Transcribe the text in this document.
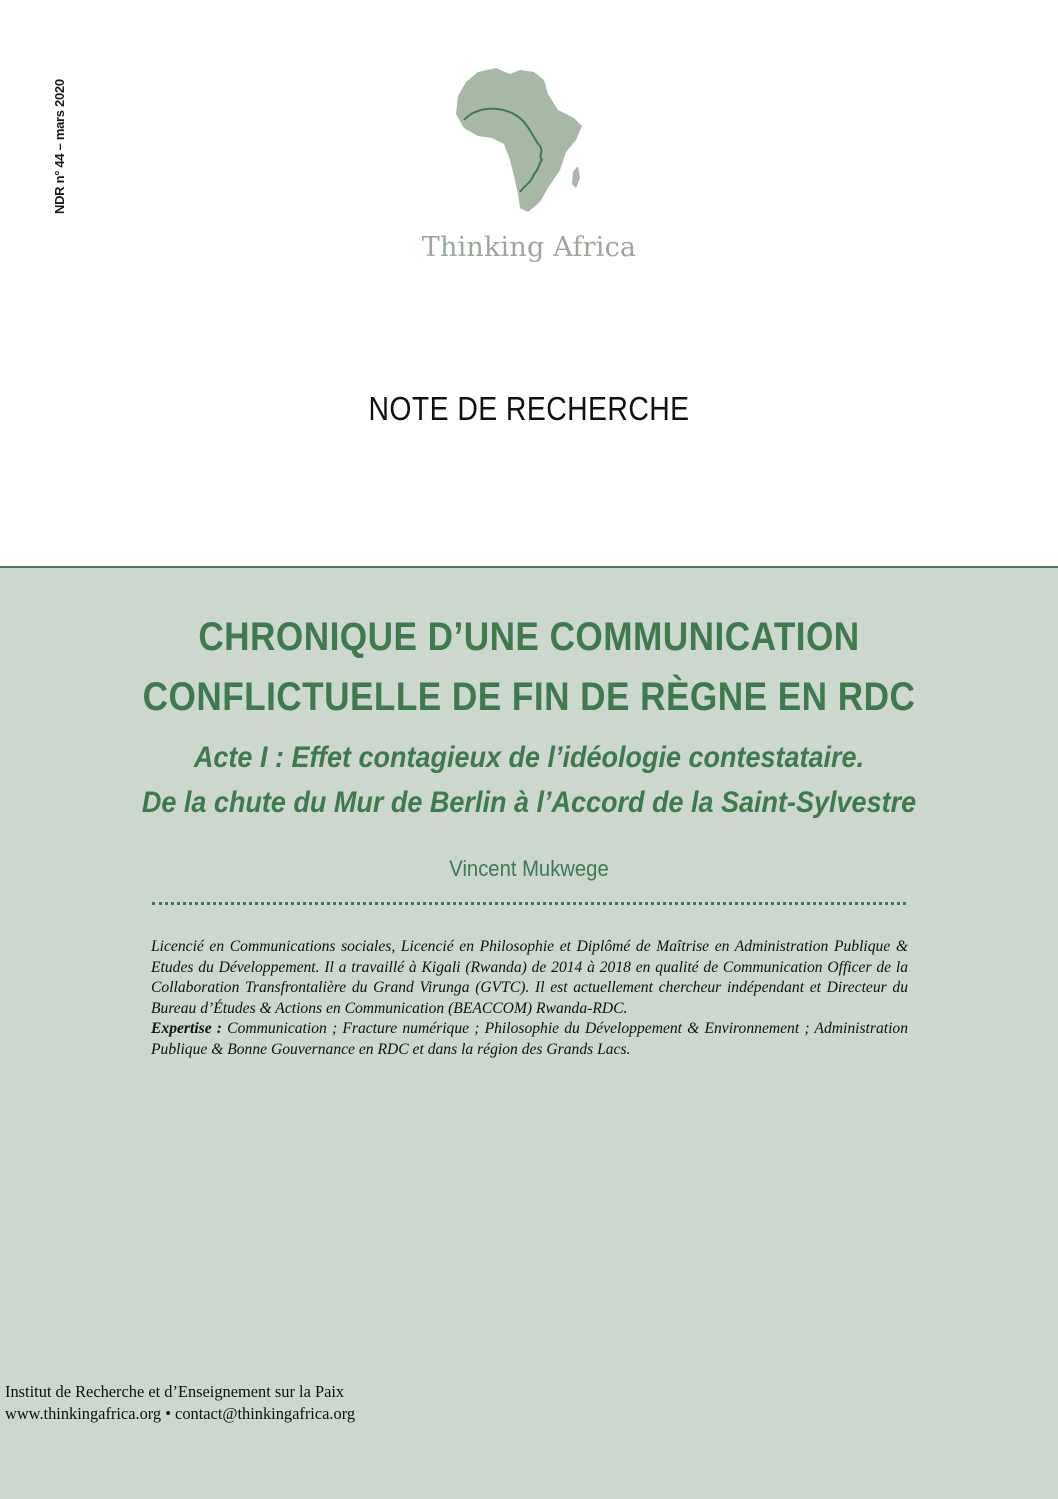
NDR n° 44 – mars 2020
Thinking Africa
NOTE DE RECHERCHE
CHRONIQUE D’UNE COMMUNICATION
CONFLICTUELLE DE FIN DE RÈGNE EN RDC
Acte I : Effet contagieux de l’idéologie contestataire.
De la chute du Mur de Berlin à l’Accord de la Saint-Sylvestre
Vincent Mukwege

Licencié en Communications sociales, Licencié en Philosophie et Diplômé de Maîtrise en Administration Publique & Etudes du Développement. Il a travaillé à Kigali (Rwanda) de 2014 à 2018 en qualité de Communication Officer de la Collaboration Transfrontalière du Grand Virunga (GVTC). Il est actuellement chercheur indépendant et Directeur du Bureau d’Études & Actions en Communication (BEACCOM) Rwanda-RDC.
Expertise : Communication ; Fracture numérique ; Philosophie du Développement & Environnement ; Administration Publique & Bonne Gouvernance en RDC et dans la région des Grands Lacs.

Institut de Recherche et d’Enseignement sur la Paix
www.thinkingafrica.org • contact@thinkingafrica.org
